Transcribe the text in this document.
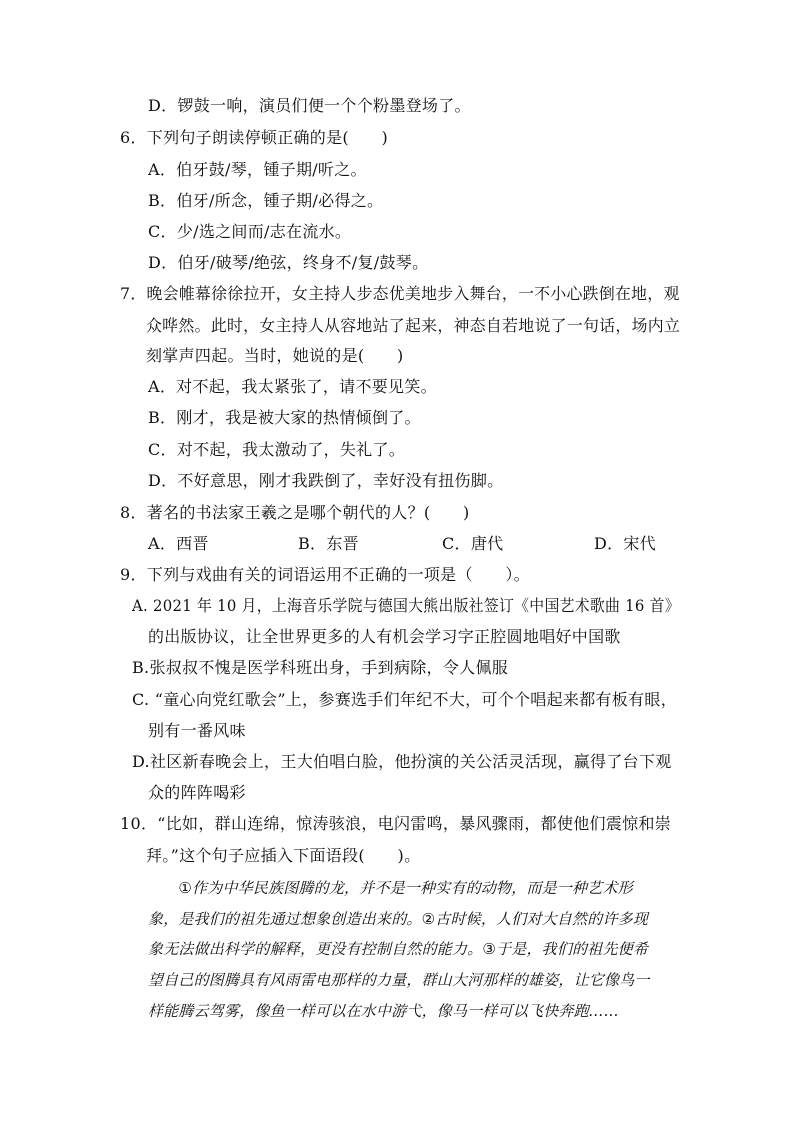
D．锣鼓一响，演员们便一个个粉墨登场了。
6．下列句子朗读停顿正确的是(　　)
A．伯牙鼓/琴，锺子期/听之。
B．伯牙/所念，锺子期/必得之。
C．少/选之间而/志在流水。
D．伯牙/破琴/绝弦，终身不/复/鼓琴。
7．晚会帷幕徐徐拉开，女主持人步态优美地步入舞台，一不小心跌倒在地，观
众哗然。此时，女主持人从容地站了起来，神态自若地说了一句话，场内立
刻掌声四起。当时，她说的是(　　)
A．对不起，我太紧张了，请不要见笑。
B．刚才，我是被大家的热情倾倒了。
C．对不起，我太激动了，失礼了。
D．不好意思，刚才我跌倒了，幸好没有扭伤脚。
8．著名的书法家王羲之是哪个朝代的人？(　　)
A．西晋	B．东晋	C．唐代	D．宋代
9．下列与戏曲有关的词语运用不正确的一项是（　　）。
A. 2021 年 10 月，上海音乐学院与德国大熊出版社签订《中国艺术歌曲 16 首》
的出版协议，让全世界更多的人有机会学习字正腔圆地唱好中国歌
B.张叔叔不愧是医学科班出身，手到病除，令人佩服
C. “童心向党红歌会”上，参赛选手们年纪不大，可个个唱起来都有板有眼，
别有一番风味
D.社区新春晚会上，王大伯唱白脸，他扮演的关公活灵活现，赢得了台下观
众的阵阵喝彩
10．“比如，群山连绵，惊涛骇浪，电闪雷鸣，暴风骤雨，都使他们震惊和崇
拜。”这个句子应插入下面语段(　　)。
　　①作为中华民族图腾的龙，并不是一种实有的动物，而是一种艺术形
象，是我们的祖先通过想象创造出来的。②古时候，人们对大自然的许多现
象无法做出科学的解释，更没有控制自然的能力。③于是，我们的祖先便希
望自己的图腾具有风雨雷电那样的力量，群山大河那样的雄姿，让它像鸟一
样能腾云驾雾，像鱼一样可以在水中游弋，像马一样可以飞快奔跑……
